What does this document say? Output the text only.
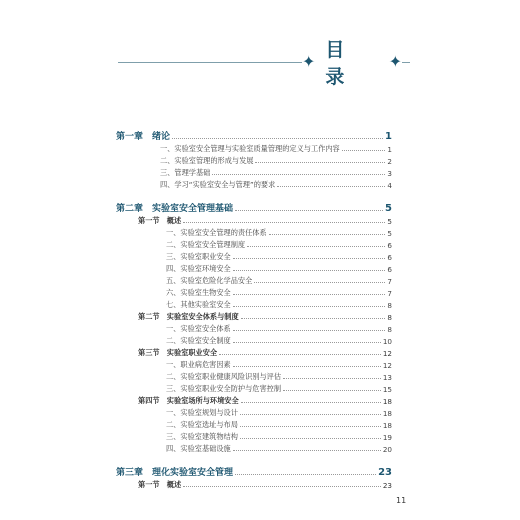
✦
目 录
✦
第一章　绪论	1
一、实验室安全管理与实验室质量管理的定义与工作内容	1
二、实验室管理的形成与发展	2
三、管理学基础	3
四、学习“实验室安全与管理”的要求	4
第二章　实验室安全管理基础	5
第一节　概述	5
一、实验室安全管理的责任体系	5
二、实验室安全管理制度	6
三、实验室职业安全	6
四、实验室环境安全	6
五、实验室危险化学品安全	7
六、实验室生物安全	7
七、其他实验室安全	8
第二节　实验室安全体系与制度	8
一、实验室安全体系	8
二、实验室安全制度	10
第三节　实验室职业安全	12
一、职业病危害因素	12
二、实验室职业健康风险识别与评估	13
三、实验室职业安全防护与危害控制	15
第四节　实验室场所与环境安全	18
一、实验室规划与设计	18
二、实验室选址与布局	18
三、实验室建筑物结构	19
四、实验室基础设施	20
第三章　理化实验室安全管理	23
第一节　概述	23
11
